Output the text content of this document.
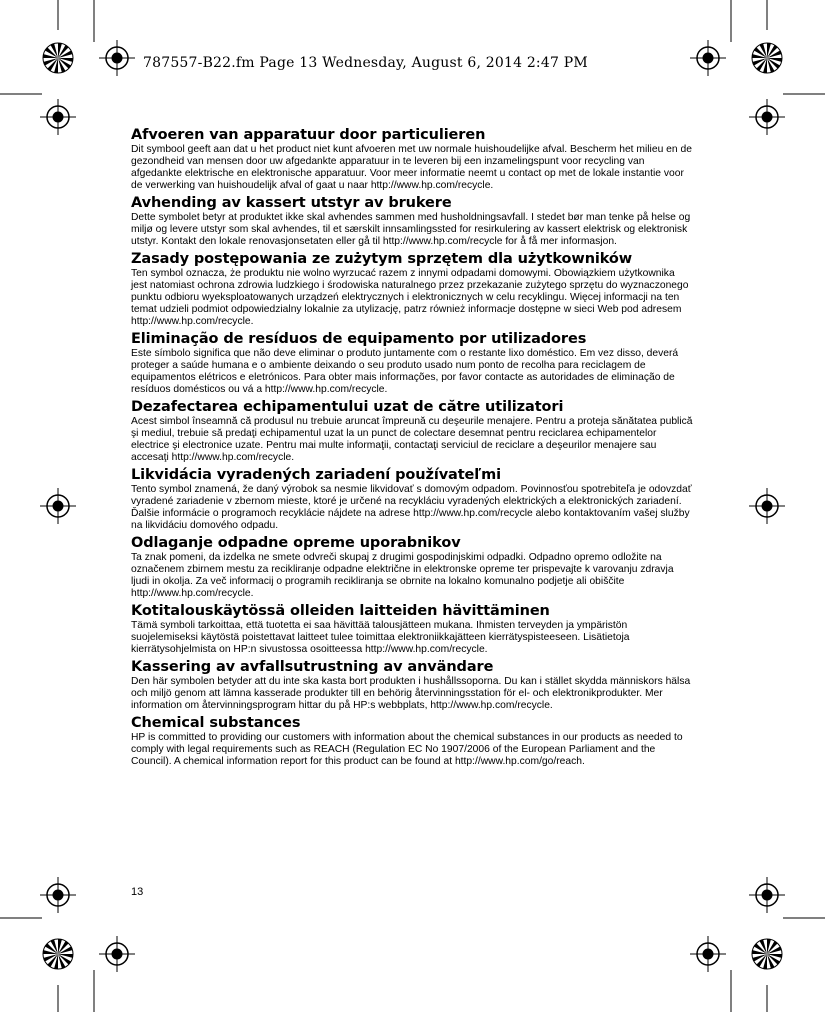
787557-B22.fm Page 13 Wednesday, August 6, 2014 2:47 PM
Afvoeren van apparatuur door particulieren

Dit symbool geeft aan dat u het product niet kunt afvoeren met uw normale huishoudelijke afval. Bescherm het milieu en de gezondheid van mensen door uw afgedankte apparatuur in te leveren bij een inzamelingspunt voor recycling van afgedankte elektrische en elektronische apparatuur. Voor meer informatie neemt u contact op met de lokale instantie voor de verwerking van huishoudelijk afval of gaat u naar http://www.hp.com/recycle.

Avhending av kassert utstyr av brukere

Dette symbolet betyr at produktet ikke skal avhendes sammen med husholdningsavfall. I stedet bør man tenke på helse og miljø og levere utstyr som skal avhendes, til et særskilt innsamlingssted for resirkulering av kassert elektrisk og elektronisk utstyr. Kontakt den lokale renovasjonsetaten eller gå til http://www.hp.com/recycle for å få mer informasjon.

Zasady postępowania ze zużytym sprzętem dla użytkowników

Ten symbol oznacza, że produktu nie wolno wyrzucać razem z innymi odpadami domowymi. Obowiązkiem użytkownika jest natomiast ochrona zdrowia ludzkiego i środowiska naturalnego przez przekazanie zużytego sprzętu do wyznaczonego punktu odbioru wyeksploatowanych urządzeń elektrycznych i elektronicznych w celu recyklingu. Więcej informacji na ten temat udzieli podmiot odpowiedzialny lokalnie za utylizację, patrz również informacje dostępne w sieci Web pod adresem http://www.hp.com/recycle.

Eliminação de resíduos de equipamento por utilizadores

Este símbolo significa que não deve eliminar o produto juntamente com o restante lixo doméstico. Em vez disso, deverá proteger a saúde humana e o ambiente deixando o seu produto usado num ponto de recolha para reciclagem de equipamentos elétricos e eletrónicos. Para obter mais informações, por favor contacte as autoridades de eliminação de resíduos domésticos ou vá a http://www.hp.com/recycle.

Dezafectarea echipamentului uzat de către utilizatori

Acest simbol înseamnă că produsul nu trebuie aruncat împreună cu deşeurile menajere. Pentru a proteja sănătatea publică şi mediul, trebuie să predaţi echipamentul uzat la un punct de colectare desemnat pentru reciclarea echipamentelor electrice şi electronice uzate. Pentru mai multe informaţii, contactaţi serviciul de reciclare a deşeurilor menajere sau accesaţi http://www.hp.com/recycle.

Likvidácia vyradených zariadení používateľmi

Tento symbol znamená, že daný výrobok sa nesmie likvidovať s domovým odpadom. Povinnosťou spotrebiteľa je odovzdať vyradené zariadenie v zbernom mieste, ktoré je určené na recykláciu vyradených elektrických a elektronických zariadení. Ďalšie informácie o programoch recyklácie nájdete na adrese http://www.hp.com/recycle alebo kontaktovaním vašej služby na likvidáciu domového odpadu.

Odlaganje odpadne opreme uporabnikov

Ta znak pomeni, da izdelka ne smete odvreči skupaj z drugimi gospodinjskimi odpadki. Odpadno opremo odložite na označenem zbirnem mestu za recikliranje odpadne električne in elektronske opreme ter prispevajte k varovanju zdravja ljudi in okolja. Za več informacij o programih recikliranja se obrnite na lokalno komunalno podjetje ali obiščite http://www.hp.com/recycle.

Kotitalouskäytössä olleiden laitteiden hävittäminen

Tämä symboli tarkoittaa, että tuotetta ei saa hävittää talousjätteen mukana. Ihmisten terveyden ja ympäristön suojelemiseksi käytöstä poistettavat laitteet tulee toimittaa elektroniikkajätteen kierrätyspisteeseen. Lisätietoja kierrätysohjelmista on HP:n sivustossa osoitteessa http://www.hp.com/recycle.

Kassering av avfallsutrustning av användare

Den här symbolen betyder att du inte ska kasta bort produkten i hushållssoporna. Du kan i stället skydda människors hälsa och miljö genom att lämna kasserade produkter till en behörig återvinningsstation för el- och elektronikprodukter. Mer information om återvinningsprogram hittar du på HP:s webbplats, http://www.hp.com/recycle.

Chemical substances

HP is committed to providing our customers with information about the chemical substances in our products as needed to comply with legal requirements such as REACH (Regulation EC No 1907/2006 of the European Parliament and the Council). A chemical information report for this product can be found at http://www.hp.com/go/reach.

13
